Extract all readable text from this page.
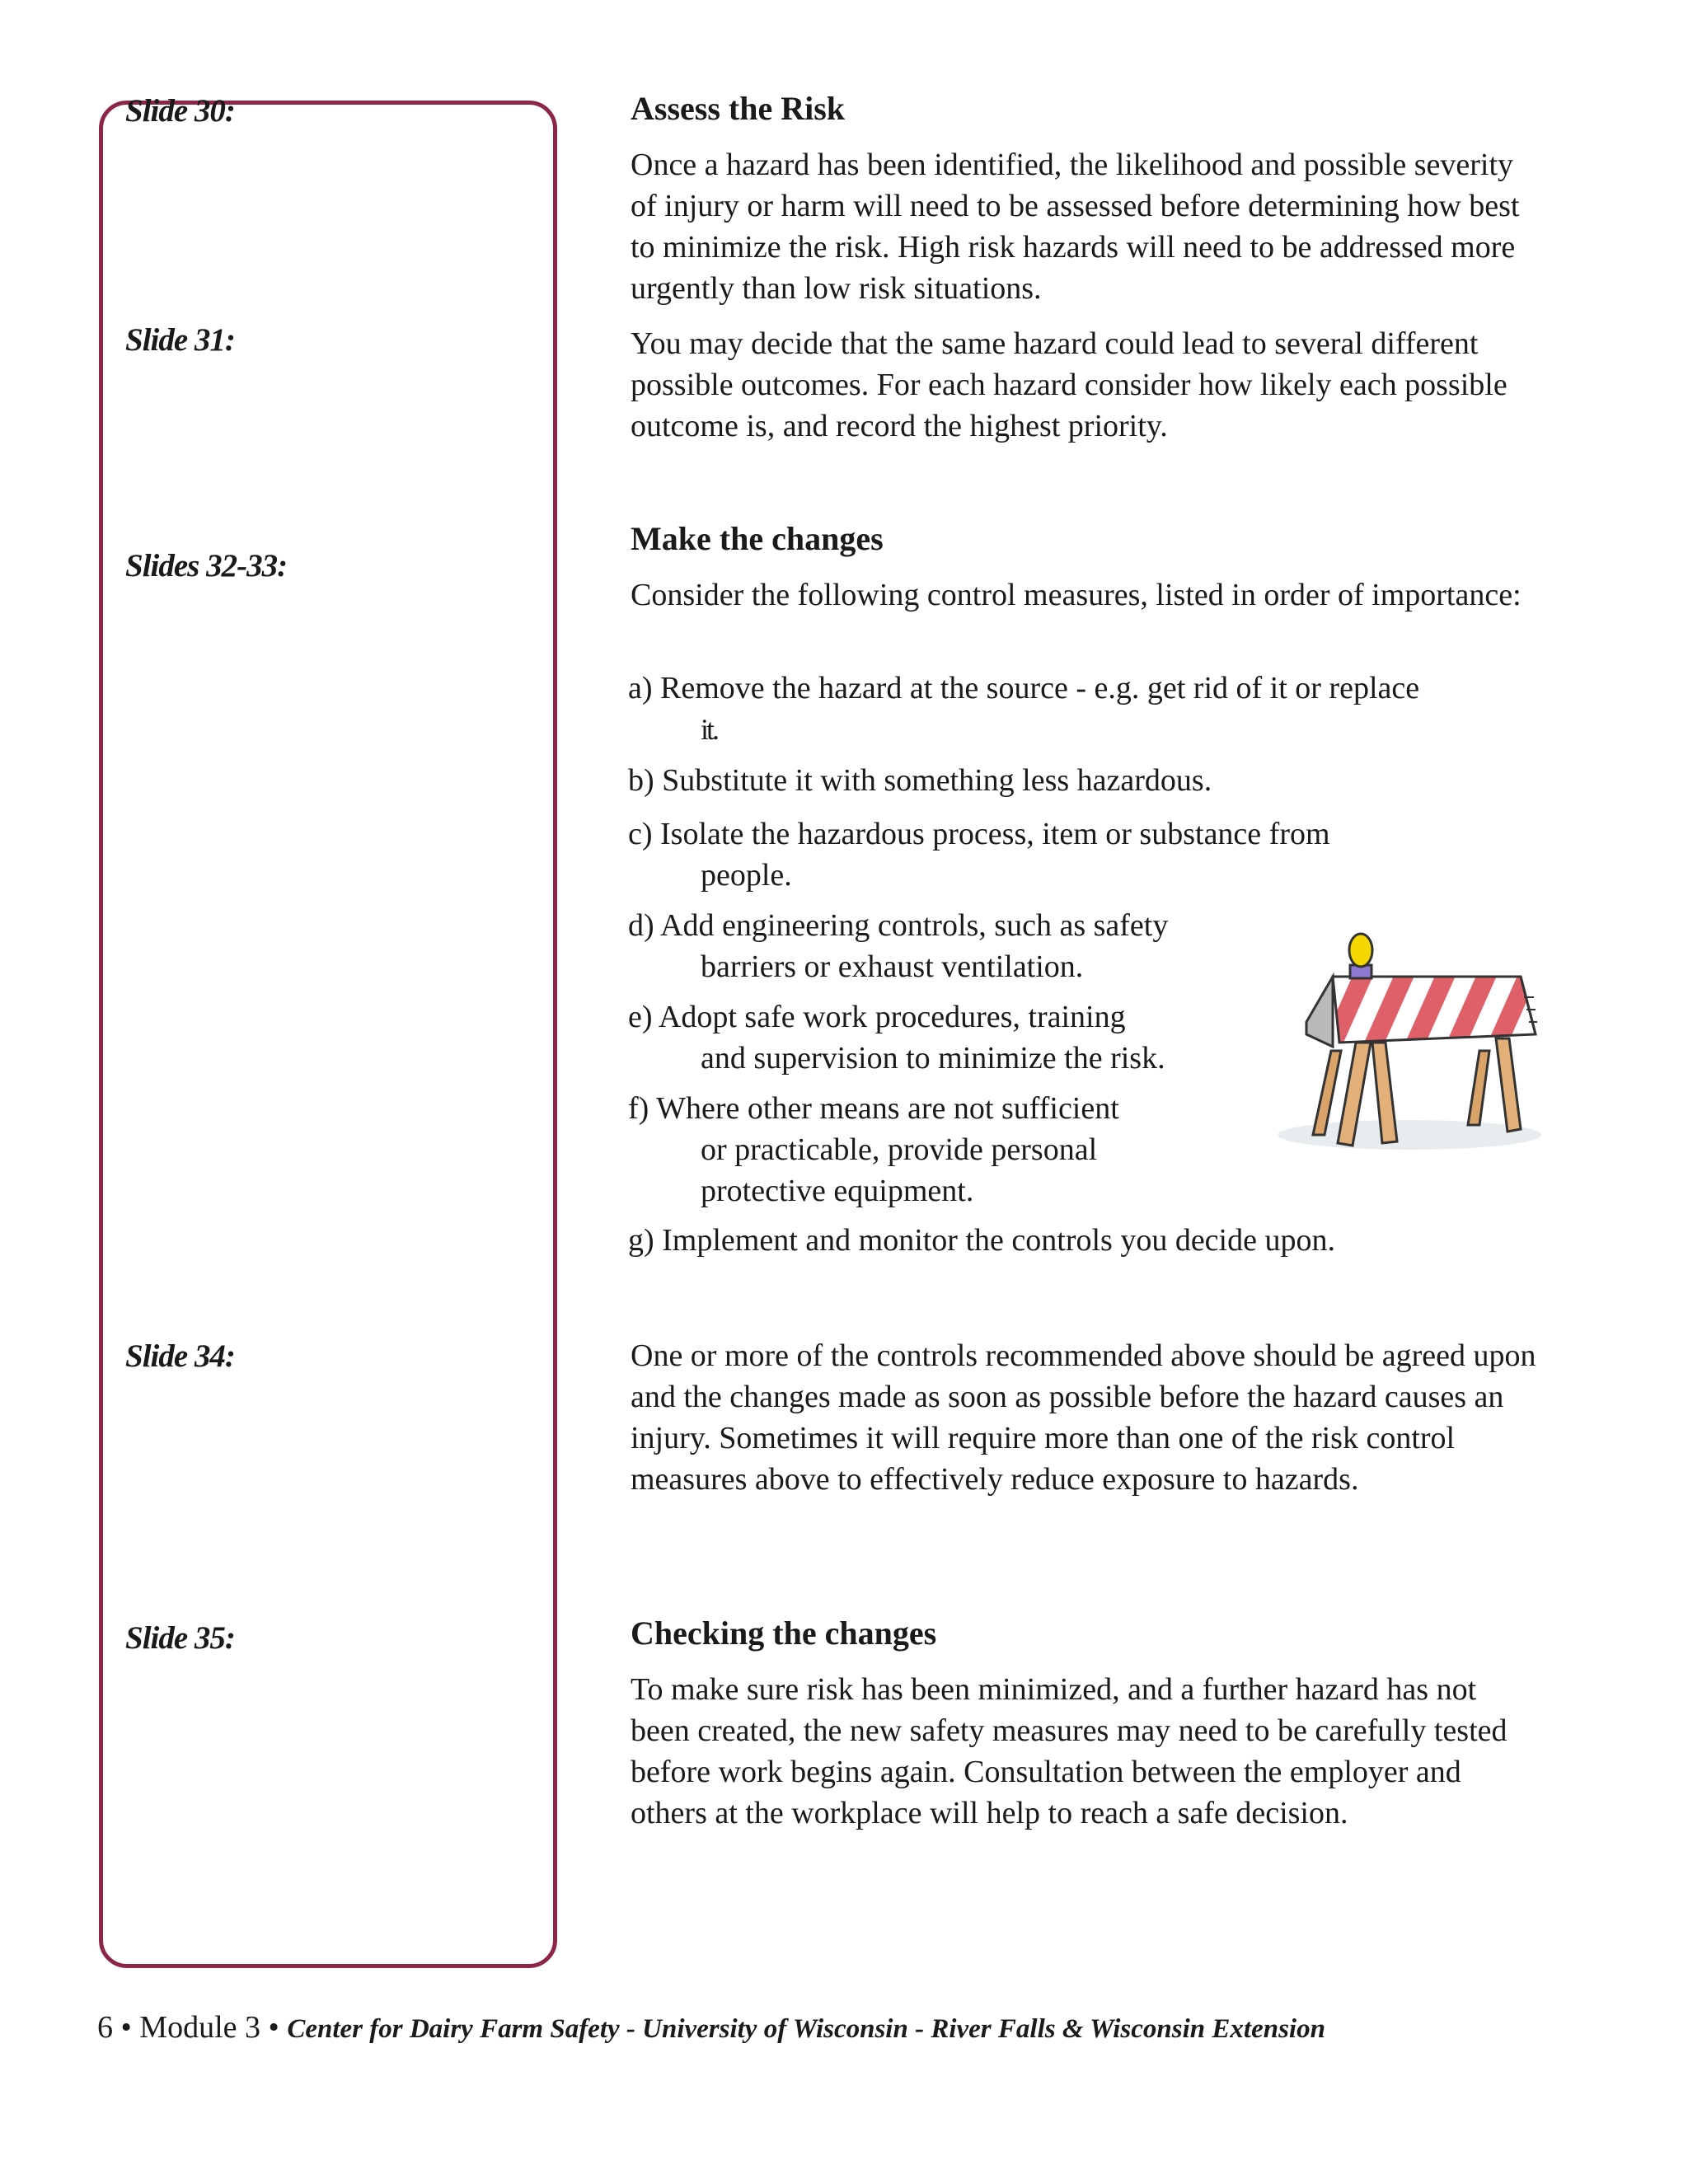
Slide 30:
Slide 31:
Slides 32-33:
Slide 34:
Slide 35:
Assess the Risk

Once a hazard has been identified, the likelihood and possible severity of injury or harm will need to be assessed before determining how best to minimize the risk. High risk hazards will need to be addressed more urgently than low risk situations.

You may decide that the same hazard could lead to several different possible outcomes. For each hazard consider how likely each possible outcome is, and record the highest priority.

Make the changes

Consider the following control measures, listed in order of importance:

a) Remove the hazard at the source - e.g. get rid of it or replace
it.
b) Substitute it with something less hazardous.
c) Isolate the hazardous process, item or substance from
people.
d) Add engineering controls, such as safety
barriers or exhaust ventilation.
e) Adopt safe work procedures, training
and supervision to minimize the risk.
f) Where other means are not sufficient
or practicable, provide personal
protective equipment.
g) Implement and monitor the controls you decide upon.

One or more of the controls recommended above should be agreed upon and the changes made as soon as possible before the hazard causes an injury. Sometimes it will require more than one of the risk control measures above to effectively reduce exposure to hazards.

Checking the changes

To make sure risk has been minimized, and a further hazard has not been created, the new safety measures may need to be carefully tested before work begins again. Consultation between the employer and others at the workplace will help to reach a safe decision.

6 • Module 3 • Center for Dairy Farm Safety - University of Wisconsin - River Falls & Wisconsin Extension
